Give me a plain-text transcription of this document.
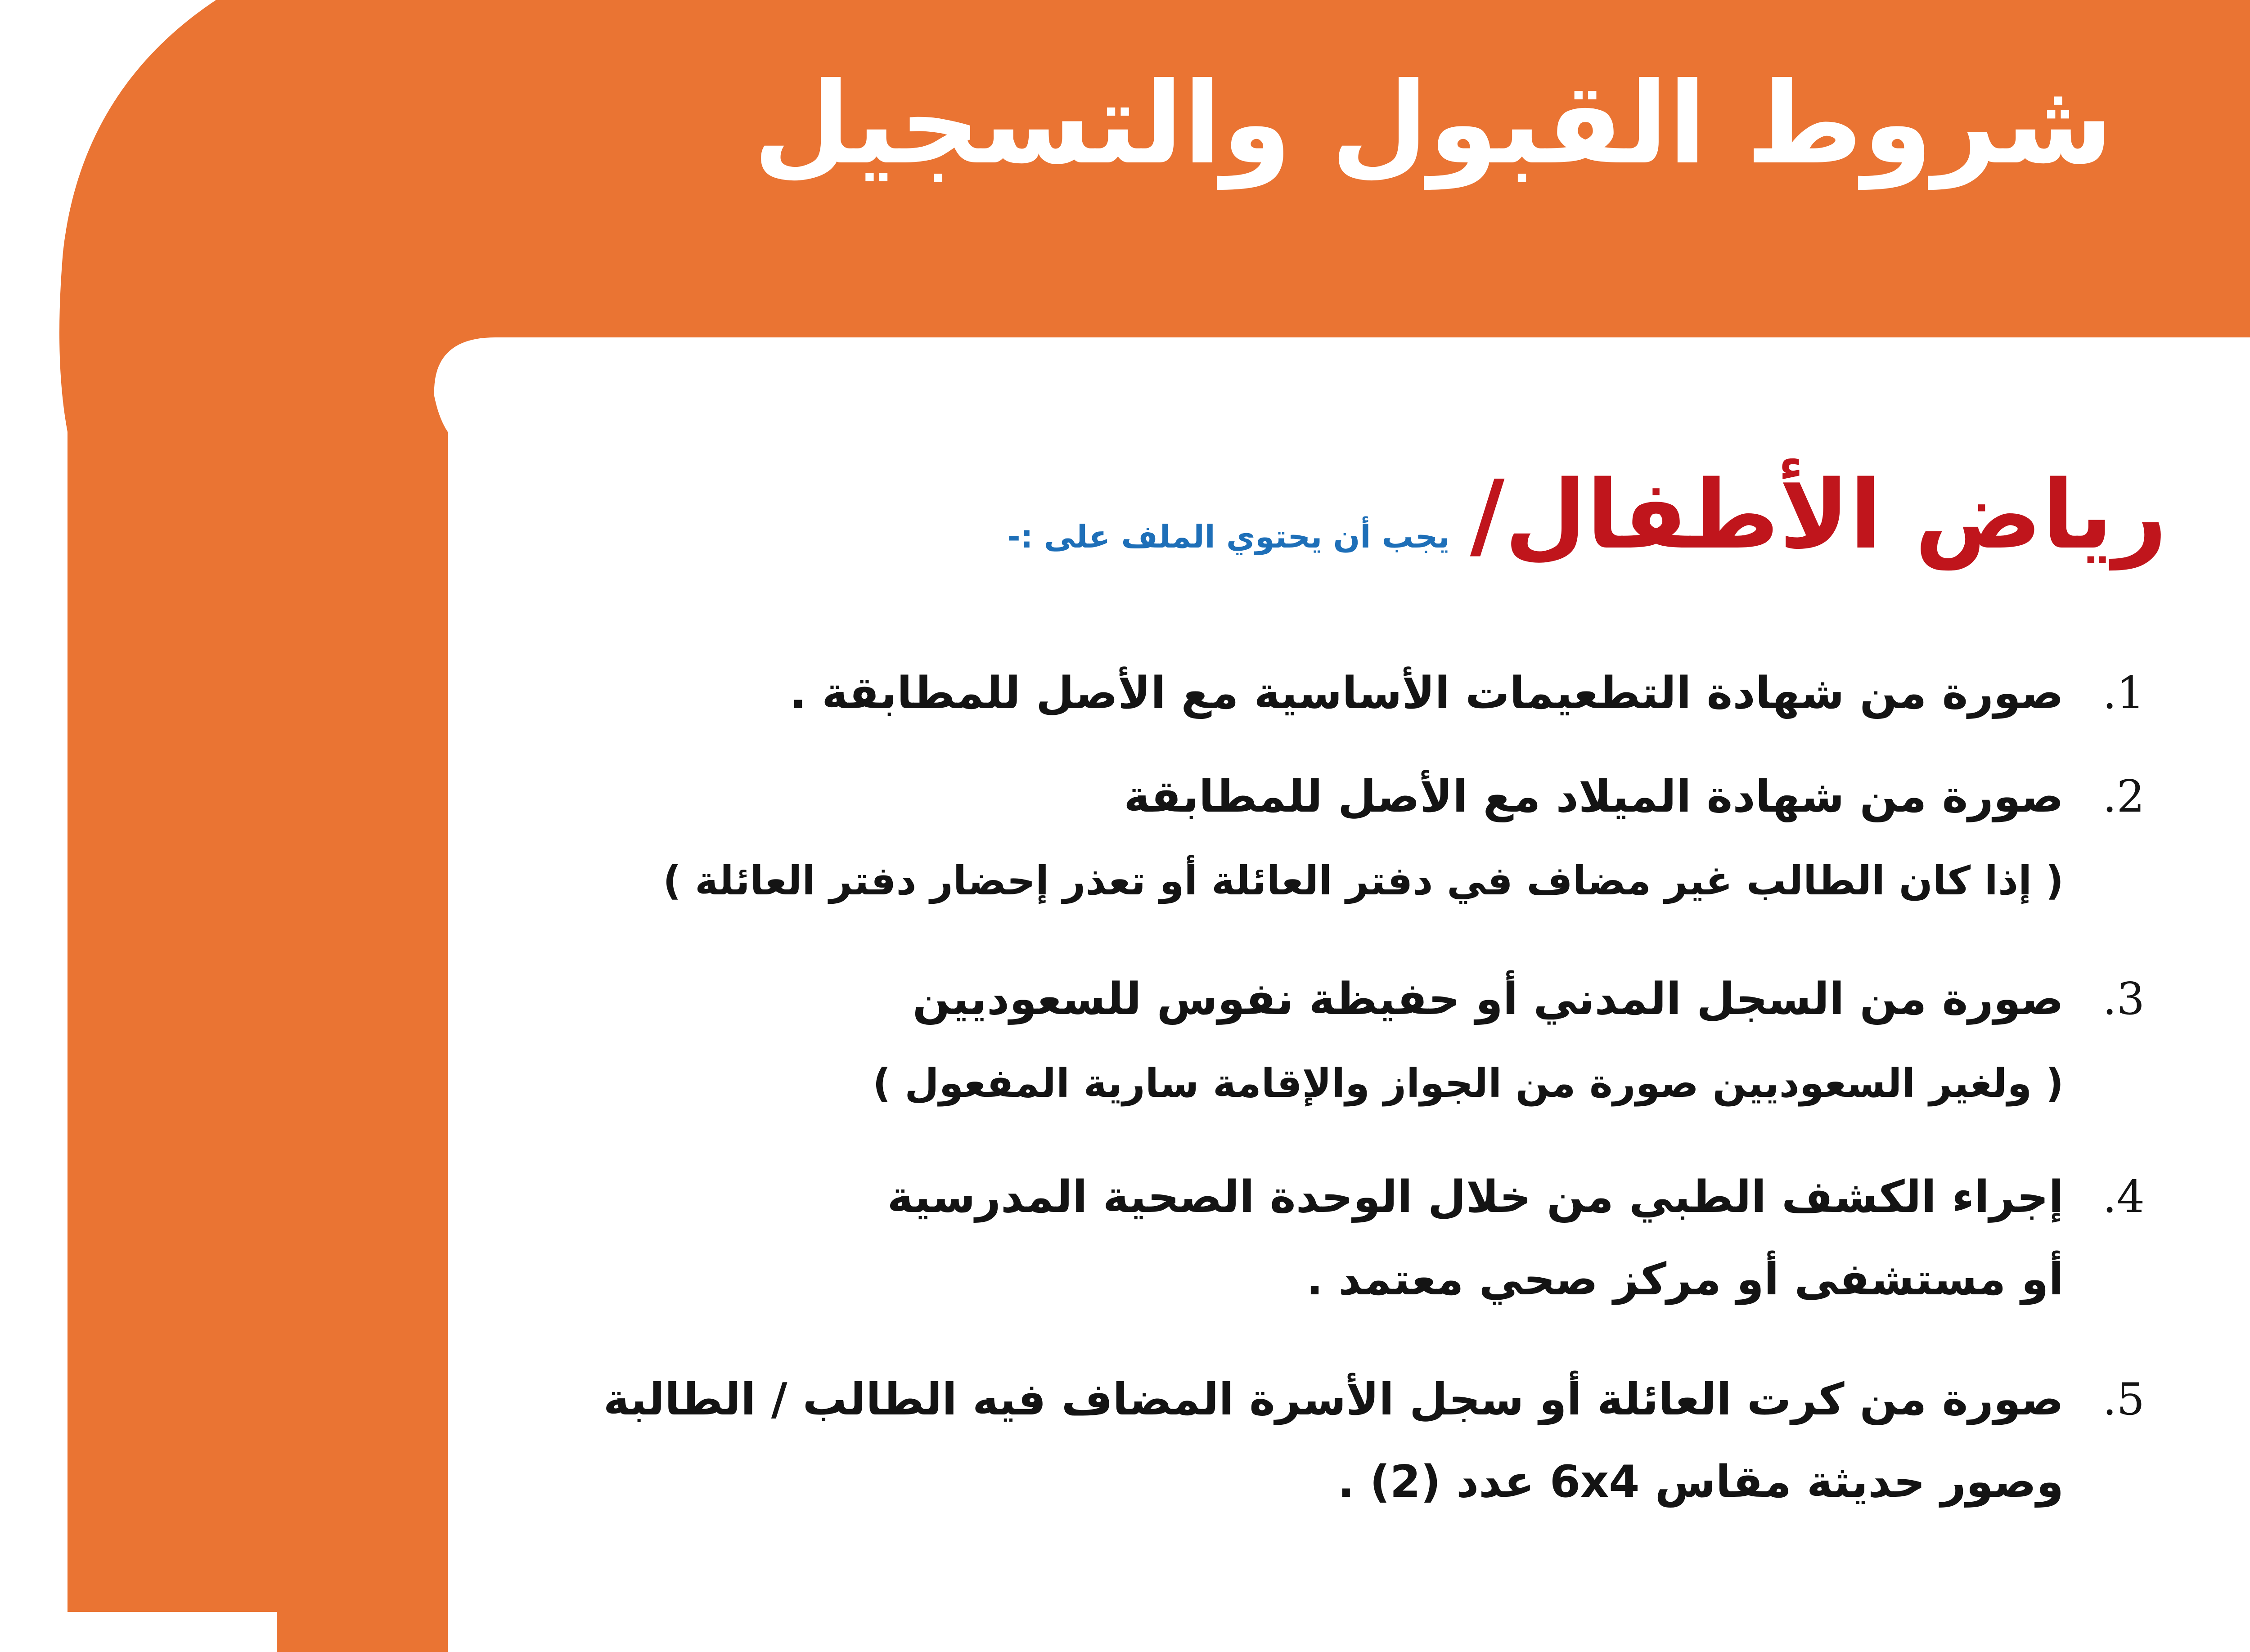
شروط القبول والتسجيل
رياض الأطفال/ يجب أن يحتوي الملف على :-
1.صورة من شهادة التطعيمات الأساسية مع الأصل للمطابقة .
2.صورة من شهادة الميلاد مع الأصل للمطابقة
( إذا كان الطالب غير مضاف في دفتر العائلة أو تعذر إحضار دفتر العائلة )
3.صورة من السجل المدني أو حفيظة نفوس للسعوديين
( ولغير السعوديين صورة من الجواز والإقامة سارية المفعول )
4.إجراء الكشف الطبي من خلال الوحدة الصحية المدرسية
أو مستشفى أو مركز صحي معتمد .
5.صورة من كرت العائلة أو سجل الأسرة المضاف فيه الطالب / الطالبة
وصور حديثة مقاس 6x4 عدد (2) .
